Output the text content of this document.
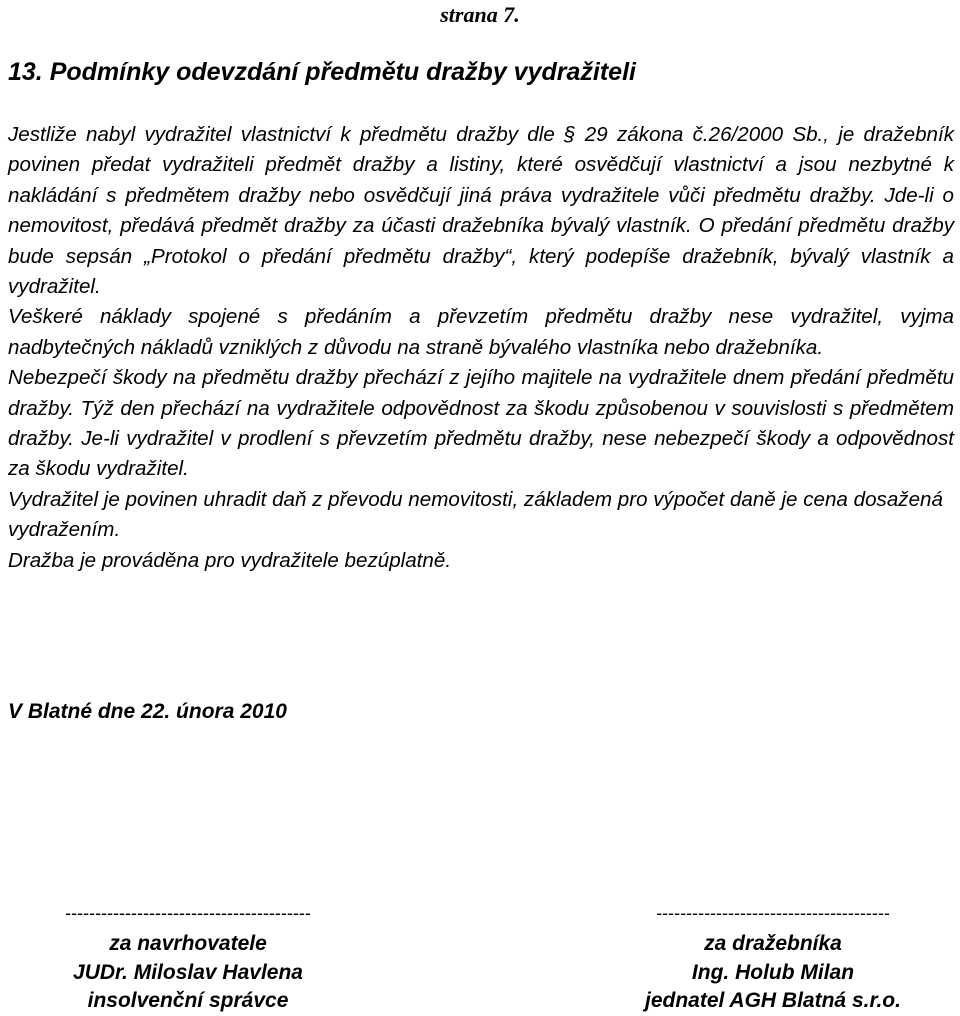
strana 7.
13. Podmínky odevzdání předmětu dražby vydražiteli

Jestliže nabyl vydražitel vlastnictví k předmětu dražby dle § 29 zákona č.26/2000 Sb., je dražebník povinen předat vydražiteli předmět dražby a listiny, které osvědčují vlastnictví a jsou nezbytné k nakládání s předmětem dražby nebo osvědčují jiná práva vydražitele vůči předmětu dražby. Jde-li o nemovitost, předává předmět dražby za účasti dražebníka bývalý vlastník. O předání předmětu dražby bude sepsán „Protokol o předání předmětu dražby“, který podepíše dražebník, bývalý vlastník a vydražitel.

Veškeré náklady spojené s předáním a převzetím předmětu dražby nese vydražitel, vyjma nadbytečných nákladů vzniklých z důvodu na straně bývalého vlastníka nebo dražebníka.

Nebezpečí škody na předmětu dražby přechází z jejího majitele na vydražitele dnem předání předmětu dražby. Týž den přechází na vydražitele odpovědnost za škodu způsobenou v souvislosti s předmětem dražby. Je-li vydražitel v prodlení s převzetím předmětu dražby, nese nebezpečí škody a odpovědnost za škodu vydražitel.

Vydražitel je povinen uhradit daň z převodu nemovitosti, základem pro výpočet daně je cena dosažená vydražením.

Dražba je prováděna pro vydražitele bezúplatně.

V Blatné dne 22. února 2010
-----------------------------------------
za navrhovatele
JUDr. Miloslav Havlena
insolvenční správce
---------------------------------------
za dražebníka
Ing. Holub Milan
jednatel AGH Blatná s.r.o.
